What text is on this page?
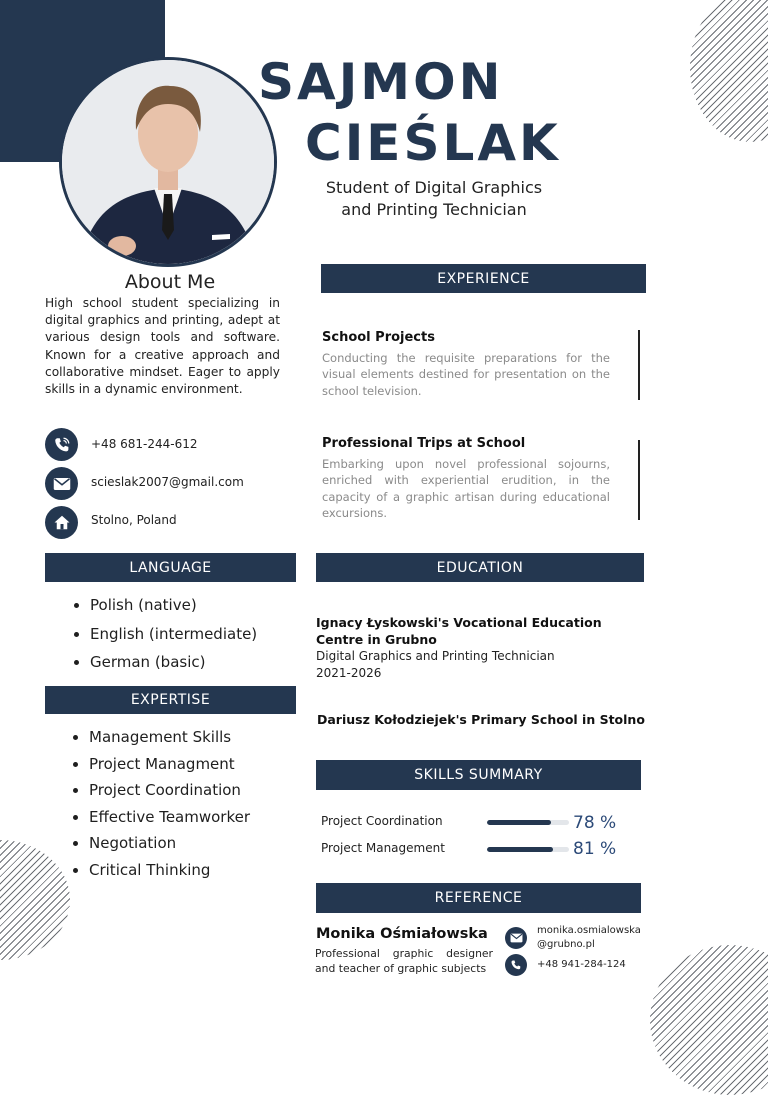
SAJMON
CIEŚLAK
Student of Digital Graphics
and Printing Technician
About Me
High school student specializing in digital graphics and printing, adept at various design tools and software. Known for a creative approach and collaborative mindset. Eager to apply skills in a dynamic environment.
+48 681-244-612
scieslak2007@gmail.com
Stolno, Poland
LANGUAGE
• Polish (native)
• English (intermediate)
• German (basic)
EXPERTISE
• Management Skills
• Project Managment
• Project Coordination
• Effective Teamworker
• Negotiation
• Critical Thinking
EXPERIENCE
School Projects
Conducting the requisite preparations for the visual elements destined for presentation on the school television.
Professional Trips at School
Embarking upon novel professional sojourns, enriched with experiential erudition, in the capacity of a graphic artisan during educational excursions.
EDUCATION
Ignacy Łyskowski's Vocational Education
Centre in Grubno
Digital Graphics and Printing Technician
2021-2026
Dariusz Kołodziejek's Primary School in Stolno
SKILLS SUMMARY
Project Coordination	78 %
Project Management	81 %
REFERENCE
Monika Ośmiałowska
Professional graphic designer and teacher of graphic subjects
monika.osmialowska
@grubno.pl
+48 941-284-124
